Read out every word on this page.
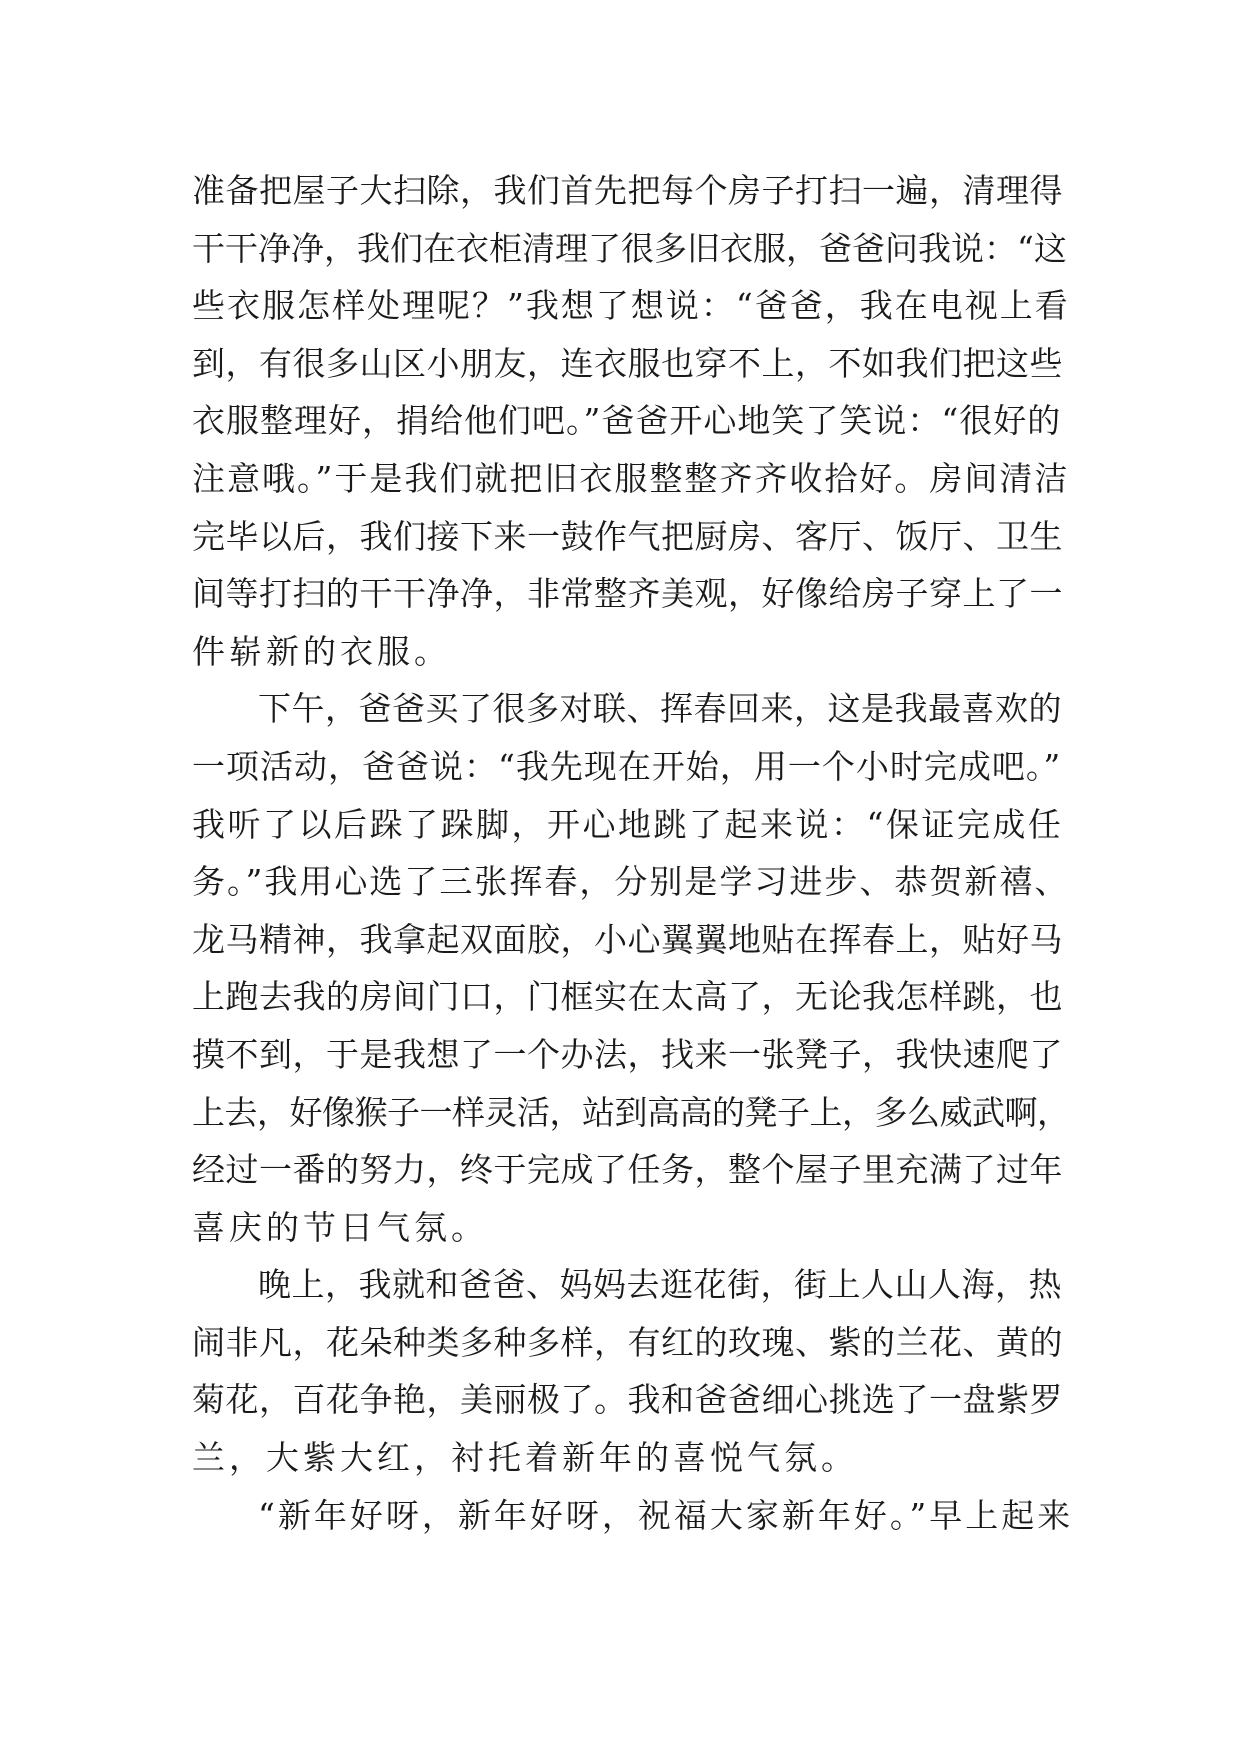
准备把屋子大扫除，我们首先把每个房子打扫一遍，清理得
干干净净，我们在衣柜清理了很多旧衣服，爸爸问我说：“这
些衣服怎样处理呢？”我想了想说：“爸爸，我在电视上看
到，有很多山区小朋友，连衣服也穿不上，不如我们把这些
衣服整理好，捐给他们吧。”爸爸开心地笑了笑说：“很好的
注意哦。”于是我们就把旧衣服整整齐齐收拾好。房间清洁
完毕以后，我们接下来一鼓作气把厨房、客厅、饭厅、卫生
间等打扫的干干净净，非常整齐美观，好像给房子穿上了一
件崭新的衣服。
下午，爸爸买了很多对联、挥春回来，这是我最喜欢的
一项活动，爸爸说：“我先现在开始，用一个小时完成吧。”
我听了以后跺了跺脚，开心地跳了起来说：“保证完成任
务。”我用心选了三张挥春，分别是学习进步、恭贺新禧、
龙马精神，我拿起双面胶，小心翼翼地贴在挥春上，贴好马
上跑去我的房间门口，门框实在太高了，无论我怎样跳，也
摸不到，于是我想了一个办法，找来一张凳子，我快速爬了
上去，好像猴子一样灵活，站到高高的凳子上，多么威武啊，
经过一番的努力，终于完成了任务，整个屋子里充满了过年
喜庆的节日气氛。
晚上，我就和爸爸、妈妈去逛花街，街上人山人海，热
闹非凡，花朵种类多种多样，有红的玫瑰、紫的兰花、黄的
菊花，百花争艳，美丽极了。我和爸爸细心挑选了一盘紫罗
兰，大紫大红，衬托着新年的喜悦气氛。
“新年好呀，新年好呀，祝福大家新年好。”早上起来
